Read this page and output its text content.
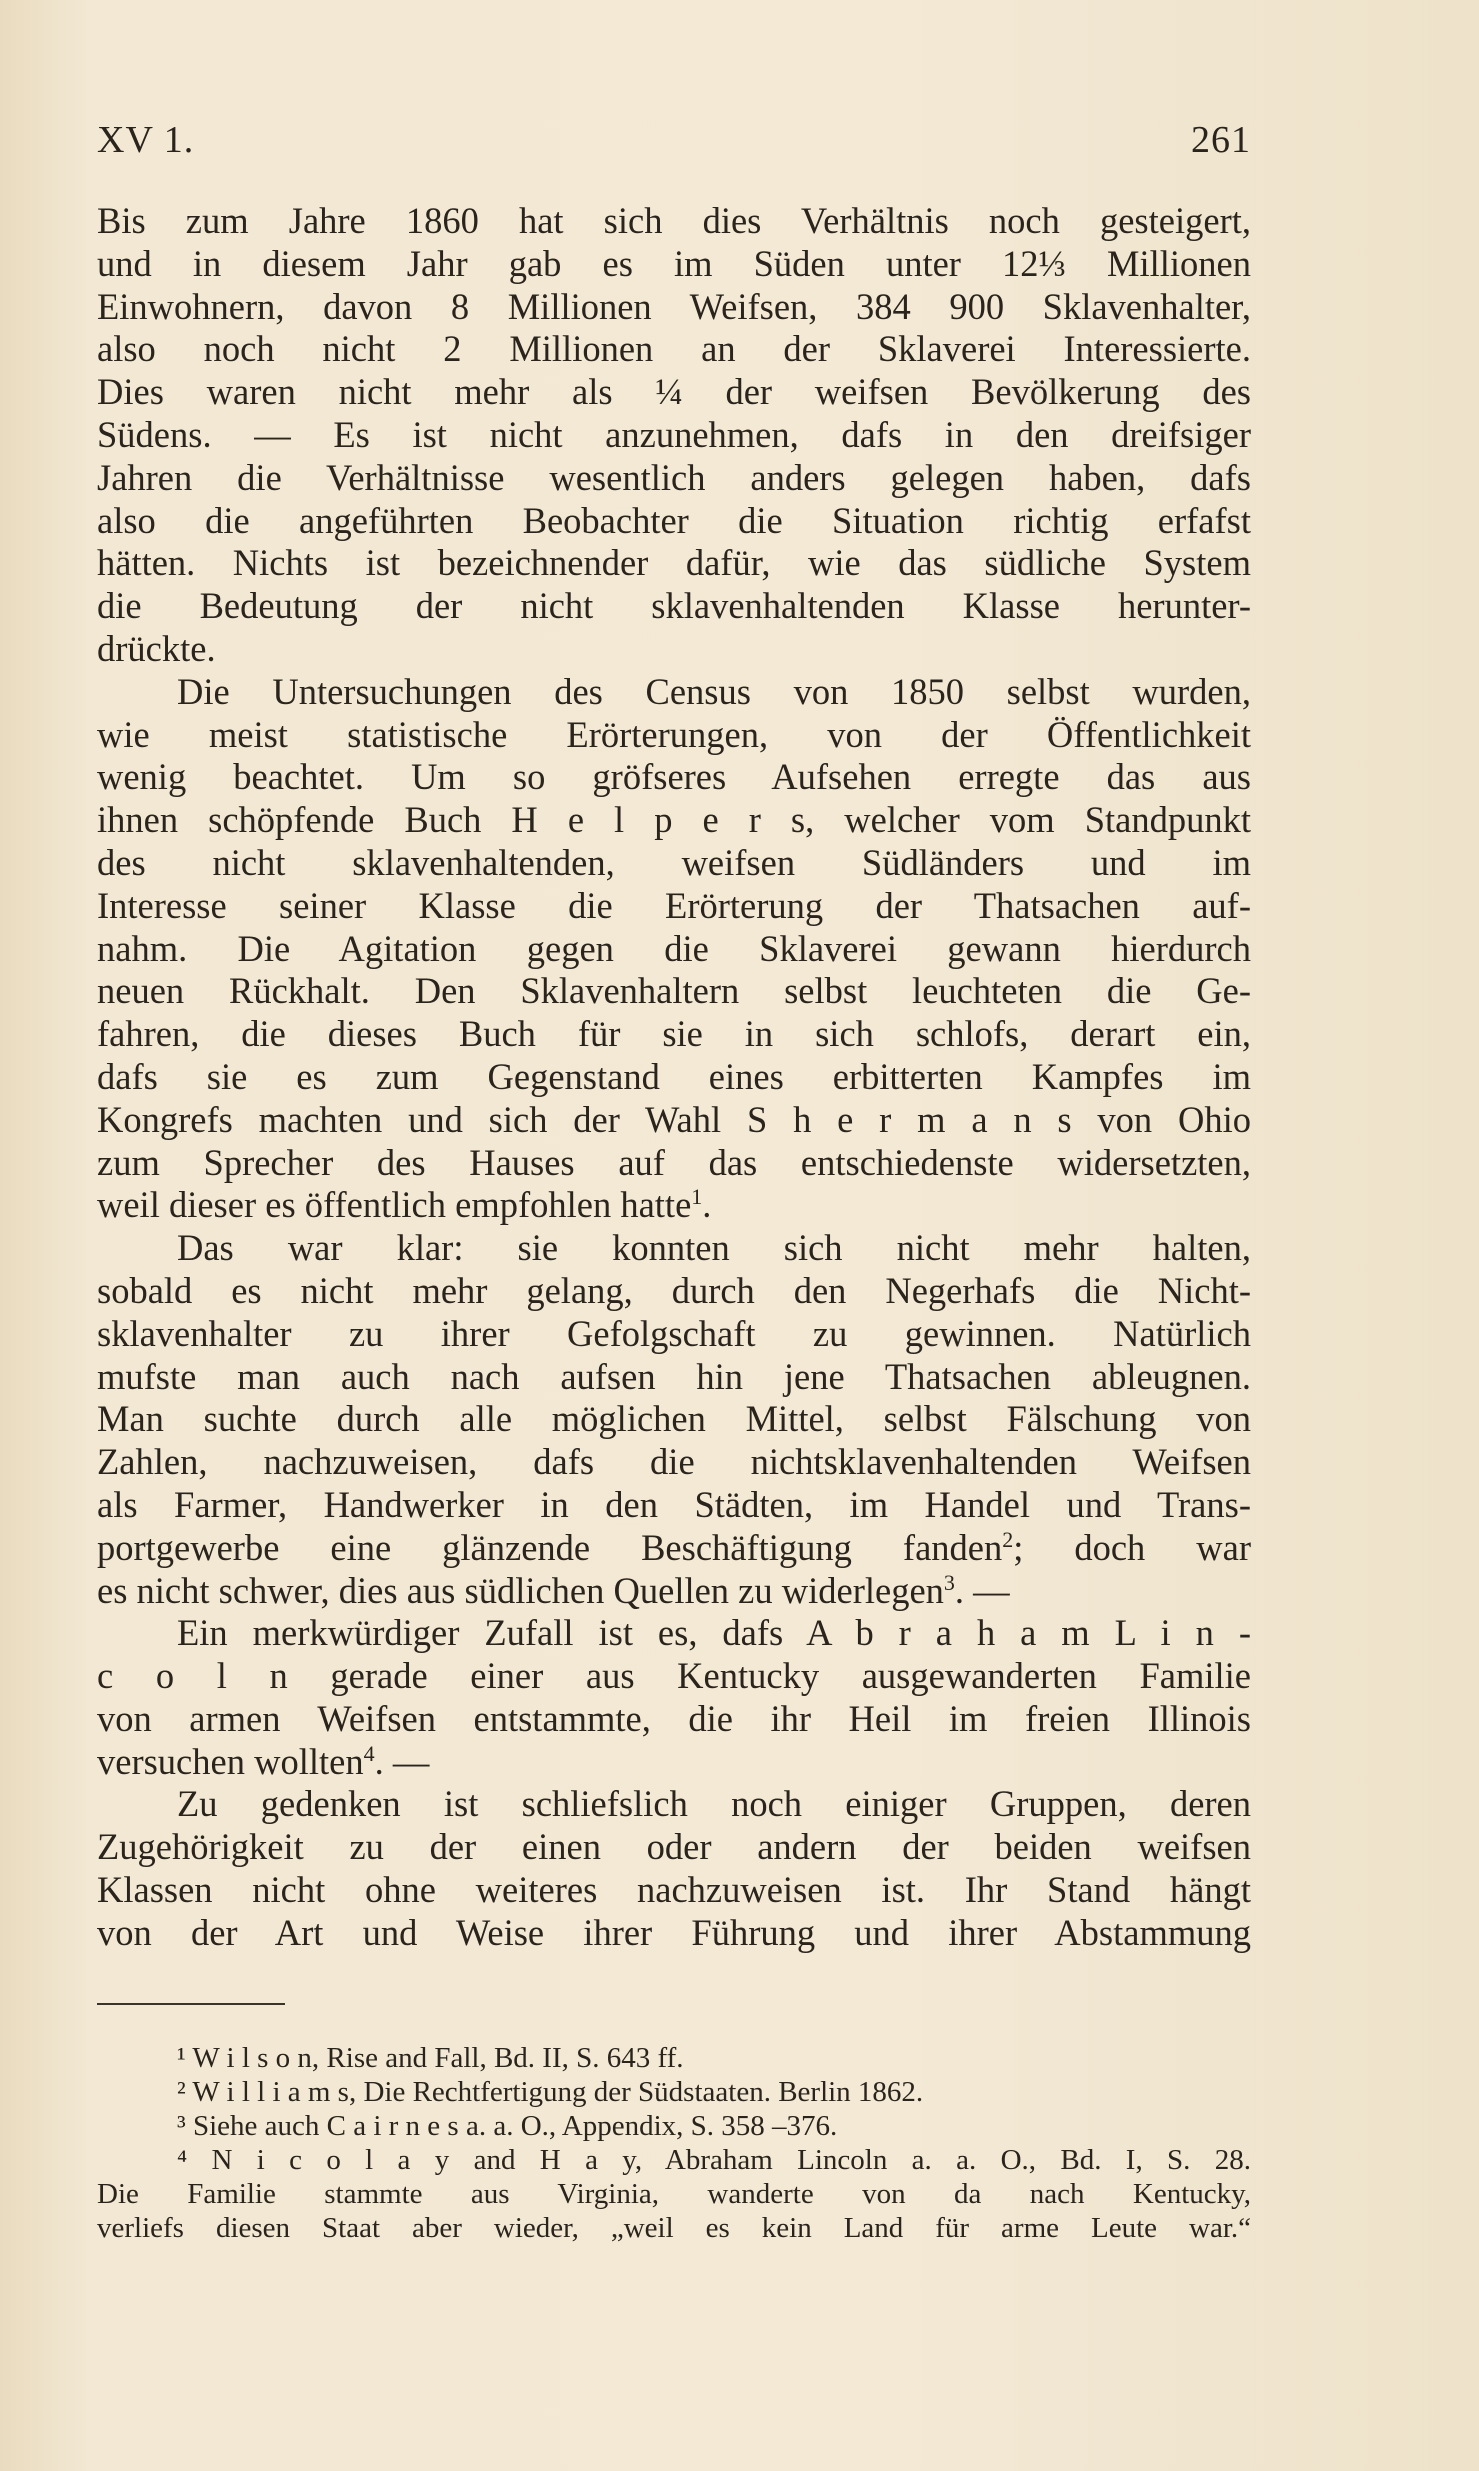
XV 1.	261
Bis zum Jahre 1860 hat sich dies Verhältnis noch gesteigert,
und in diesem Jahr gab es im Süden unter 12⅓ Millionen
Einwohnern, davon 8 Millionen Weifsen, 384 900 Sklavenhalter,
also noch nicht 2 Millionen an der Sklaverei Interessierte.
Dies waren nicht mehr als ¼ der weifsen Bevölkerung des
Südens. — Es ist nicht anzunehmen, dafs in den dreifsiger
Jahren die Verhältnisse wesentlich anders gelegen haben, dafs
also die angeführten Beobachter die Situation richtig erfafst
hätten. Nichts ist bezeichnender dafür, wie das südliche System
die Bedeutung der nicht sklavenhaltenden Klasse herunter-
drückte.
Die Untersuchungen des Census von 1850 selbst wurden,
wie meist statistische Erörterungen, von der Öffentlichkeit
wenig beachtet. Um so gröfseres Aufsehen erregte das aus
ihnen schöpfende Buch H e l p e r s, welcher vom Standpunkt
des nicht sklavenhaltenden, weifsen Südländers und im
Interesse seiner Klasse die Erörterung der Thatsachen auf-
nahm. Die Agitation gegen die Sklaverei gewann hierdurch
neuen Rückhalt. Den Sklavenhaltern selbst leuchteten die Ge-
fahren, die dieses Buch für sie in sich schlofs, derart ein,
dafs sie es zum Gegenstand eines erbitterten Kampfes im
Kongrefs machten und sich der Wahl S h e r m a n s von Ohio
zum Sprecher des Hauses auf das entschiedenste widersetzten,
weil dieser es öffentlich empfohlen hatte$^1$.
Das war klar: sie konnten sich nicht mehr halten,
sobald es nicht mehr gelang, durch den Negerhafs die Nicht-
sklavenhalter zu ihrer Gefolgschaft zu gewinnen. Natürlich
mufste man auch nach aufsen hin jene Thatsachen ableugnen.
Man suchte durch alle möglichen Mittel, selbst Fälschung von
Zahlen, nachzuweisen, dafs die nichtsklavenhaltenden Weifsen
als Farmer, Handwerker in den Städten, im Handel und Trans-
portgewerbe eine glänzende Beschäftigung fanden$^2$; doch war
es nicht schwer, dies aus südlichen Quellen zu widerlegen$^3$. —
Ein merkwürdiger Zufall ist es, dafs A b r a h a m L i n -
c o l n gerade einer aus Kentucky ausgewanderten Familie
von armen Weifsen entstammte, die ihr Heil im freien Illinois
versuchen wollten$^4$. —
Zu gedenken ist schliefslich noch einiger Gruppen, deren
Zugehörigkeit zu der einen oder andern der beiden weifsen
Klassen nicht ohne weiteres nachzuweisen ist. Ihr Stand hängt
von der Art und Weise ihrer Führung und ihrer Abstammung
¹ W i l s o n, Rise and Fall, Bd. II, S. 643 ff.
² W i l l i a m s, Die Rechtfertigung der Südstaaten. Berlin 1862.
³ Siehe auch C a i r n e s a. a. O., Appendix, S. 358 –376.
⁴ N i c o l a y and H a y, Abraham Lincoln a. a. O., Bd. I, S. 28.
Die Familie stammte aus Virginia, wanderte von da nach Kentucky,
verliefs diesen Staat aber wieder, „weil es kein Land für arme Leute war.“
